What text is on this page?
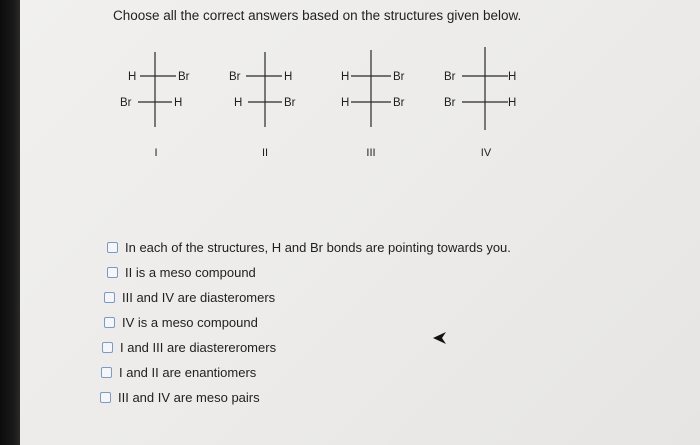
Choose all the correct answers based on the structures given below.
H	Br
Br	H
I
Br	H
H	Br
II
H	Br
H	Br
III
Br	H
Br	H
IV
In each of the structures, H and Br bonds are pointing towards you.
II is a meso compound
III and IV are diasteromers
IV is a meso compound
I and III are diastereromers
I and II are enantiomers
III and IV are meso pairs
